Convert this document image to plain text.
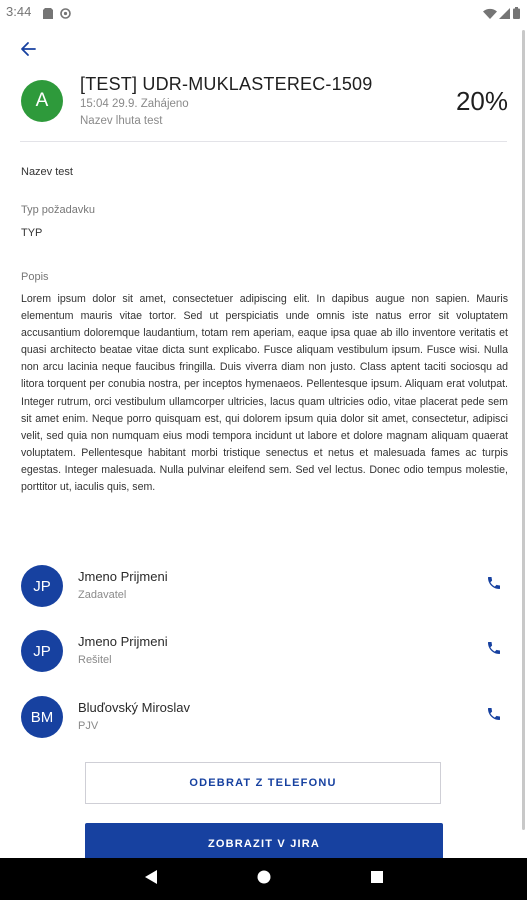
3:44
A
[TEST] UDR-MUKLASTEREC-1509
15:04 29.9. Zahájeno
Nazev lhuta test
20%
Nazev test
Typ požadavku
TYP
Popis
Lorem ipsum dolor sit amet, consectetuer adipiscing elit. In dapibus augue non sapien. Mauris elementum mauris vitae tortor. Sed ut perspiciatis unde omnis iste natus error sit voluptatem accusantium doloremque laudantium, totam rem aperiam, eaque ipsa quae ab illo inventore veritatis et quasi architecto beatae vitae dicta sunt explicabo. Fusce aliquam vestibulum ipsum. Fusce wisi. Nulla non arcu lacinia neque faucibus fringilla. Duis viverra diam non justo. Class aptent taciti sociosqu ad litora torquent per conubia nostra, per inceptos hymenaeos. Pellentesque ipsum. Aliquam erat volutpat. Integer rutrum, orci vestibulum ullamcorper ultricies, lacus quam ultricies odio, vitae placerat pede sem sit amet enim. Neque porro quisquam est, qui dolorem ipsum quia dolor sit amet, consectetur, adipisci velit, sed quia non numquam eius modi tempora incidunt ut labore et dolore magnam aliquam quaerat voluptatem. Pellentesque habitant morbi tristique senectus et netus et malesuada fames ac turpis egestas. Integer malesuada. Nulla pulvinar eleifend sem. Sed vel lectus. Donec odio tempus molestie, porttitor ut, iaculis quis, sem.
JP
Jmeno Prijmeni
Zadavatel
JP
Jmeno Prijmeni
Rešitel
BM
Bluďovský Miroslav
PJV
ODEBRAT Z TELEFONU
ZOBRAZIT V JIRA
